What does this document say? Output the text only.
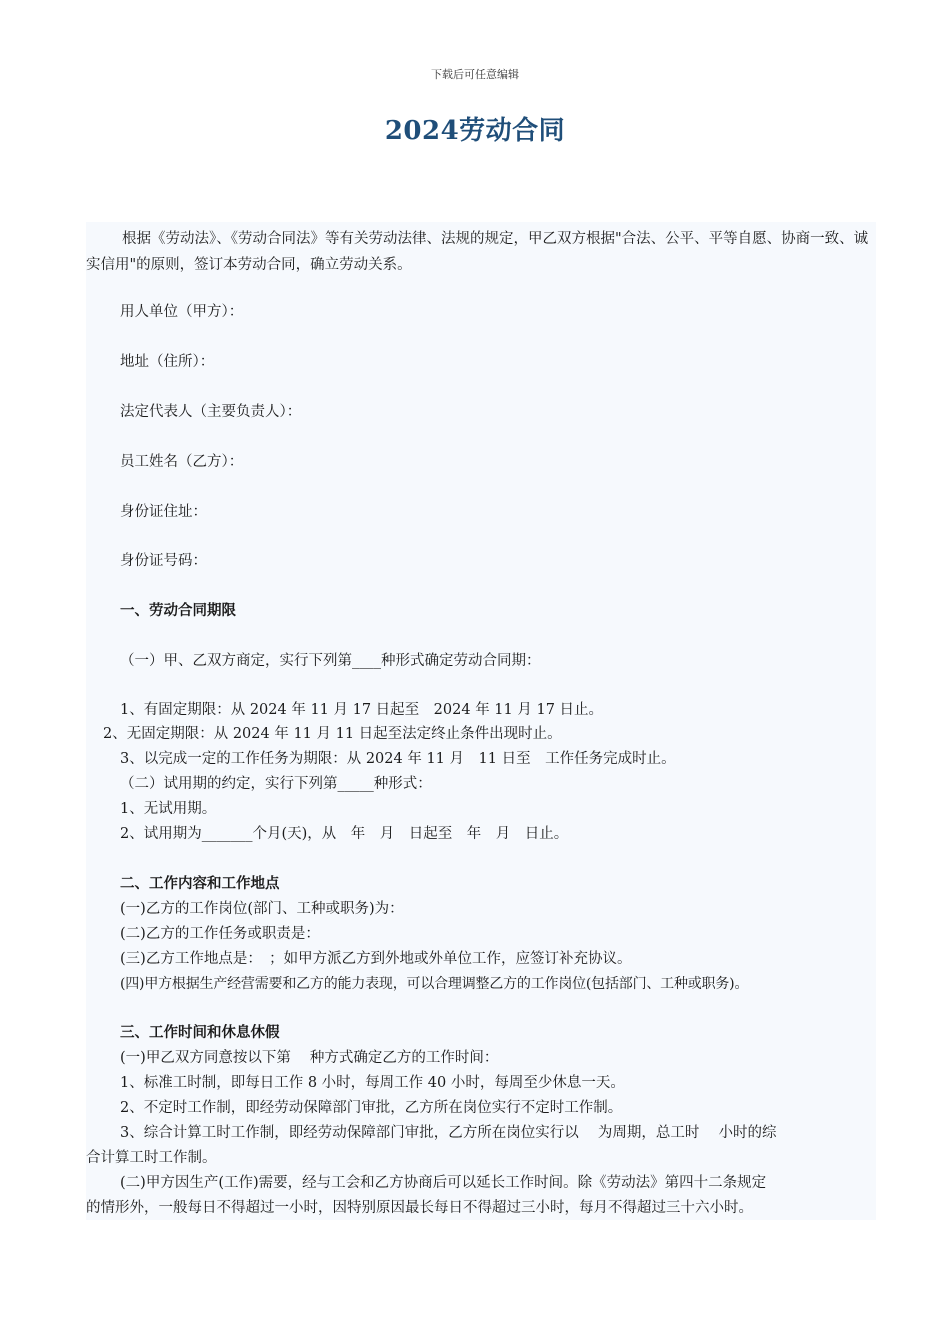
下载后可任意编辑
2024劳动合同
根据《劳动法》、《劳动合同法》等有关劳动法律、法规的规定，甲乙双方根据"合法、公平、平等自愿、协商一致、诚实信用"的原则，签订本劳动合同，确立劳动关系。
用人单位（甲方）：
地址（住所）：
法定代表人（主要负责人）：
员工姓名（乙方）：
身份证住址：
身份证号码：
一、劳动合同期限
（一）甲、乙双方商定，实行下列第____种形式确定劳动合同期：
1、有固定期限：从 2024 年 11 月 17 日起至　2024 年 11 月 17 日止。
2、无固定期限：从 2024 年 11 月 11 日起至法定终止条件出现时止。
3、以完成一定的工作任务为期限：从 2024 年 11 月　11 日至　工作任务完成时止。
（二）试用期的约定，实行下列第_____种形式：
1、无试用期。
2、试用期为_______个月(天)，从　年　月　日起至　年　月　日止。
二、工作内容和工作地点
(一)乙方的工作岗位(部门、工种或职务)为：
(二)乙方的工作任务或职责是：
(三)乙方工作地点是：　；如甲方派乙方到外地或外单位工作，应签订补充协议。
(四)甲方根据生产经营需要和乙方的能力表现，可以合理调整乙方的工作岗位(包括部门、工种或职务)。
三、工作时间和休息休假
(一)甲乙双方同意按以下第　 种方式确定乙方的工作时间：
1、标准工时制，即每日工作 8 小时，每周工作 40 小时，每周至少休息一天。
2、不定时工作制，即经劳动保障部门审批，乙方所在岗位实行不定时工作制。
3、综合计算工时工作制，即经劳动保障部门审批，乙方所在岗位实行以　 为周期，总工时　 小时的综
合计算工时工作制。
(二)甲方因生产(工作)需要，经与工会和乙方协商后可以延长工作时间。除《劳动法》第四十二条规定
的情形外，一般每日不得超过一小时，因特别原因最长每日不得超过三小时，每月不得超过三十六小时。
